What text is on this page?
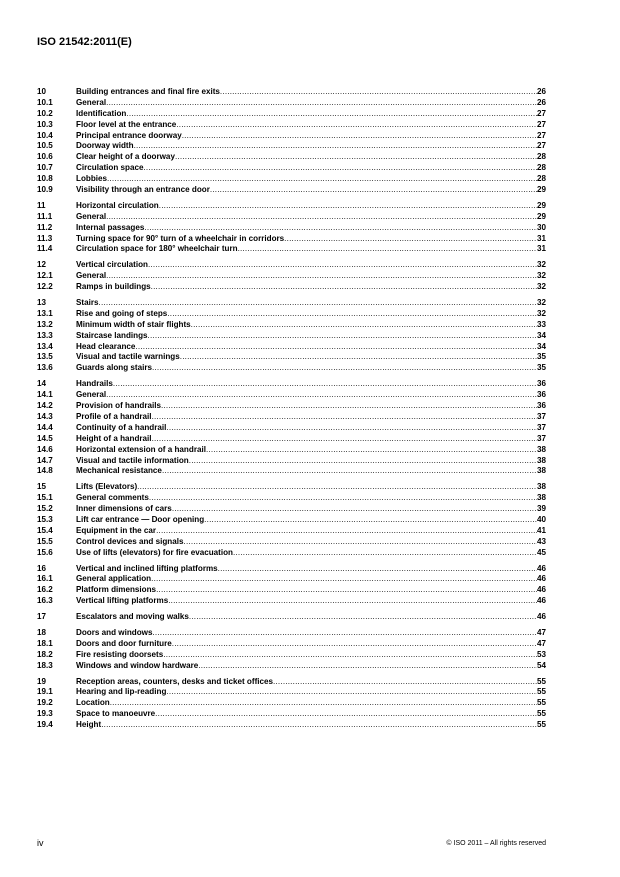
ISO 21542:2011(E)
10	Building entrances and final fire exits .....	26
10.1	General .....	26
10.2	Identification .....	27
10.3	Floor level at the entrance .....	27
10.4	Principal entrance doorway .....	27
10.5	Doorway width .....	27
10.6	Clear height of a doorway .....	28
10.7	Circulation space .....	28
10.8	Lobbies .....	28
10.9	Visibility through an entrance door .....	29
11	Horizontal circulation .....	29
11.1	General .....	29
11.2	Internal passages .....	30
11.3	Turning space for 90° turn of a wheelchair in corridors .....	31
11.4	Circulation space for 180° wheelchair turn .....	31
12	Vertical circulation .....	32
12.1	General .....	32
12.2	Ramps in buildings .....	32
13	Stairs .....	32
13.1	Rise and going of steps .....	32
13.2	Minimum width of stair flights .....	33
13.3	Staircase landings .....	34
13.4	Head clearance .....	34
13.5	Visual and tactile warnings .....	35
13.6	Guards along stairs .....	35
14	Handrails .....	36
14.1	General .....	36
14.2	Provision of handrails .....	36
14.3	Profile of a handrail .....	37
14.4	Continuity of a handrail .....	37
14.5	Height of a handrail .....	37
14.6	Horizontal extension of a handrail .....	38
14.7	Visual and tactile information .....	38
14.8	Mechanical resistance .....	38
15	Lifts (Elevators) .....	38
15.1	General comments .....	38
15.2	Inner dimensions of cars .....	39
15.3	Lift car entrance — Door opening .....	40
15.4	Equipment in the car .....	41
15.5	Control devices and signals .....	43
15.6	Use of lifts (elevators) for fire evacuation .....	45
16	Vertical and inclined lifting platforms .....	46
16.1	General application .....	46
16.2	Platform dimensions .....	46
16.3	Vertical lifting platforms .....	46
17	Escalators and moving walks .....	46
18	Doors and windows .....	47
18.1	Doors and door furniture .....	47
18.2	Fire resisting doorsets .....	53
18.3	Windows and window hardware .....	54
19	Reception areas, counters, desks and ticket offices .....	55
19.1	Hearing and lip-reading .....	55
19.2	Location .....	55
19.3	Space to manoeuvre .....	55
19.4	Height .....	55
iv	© ISO 2011 – All rights reserved
